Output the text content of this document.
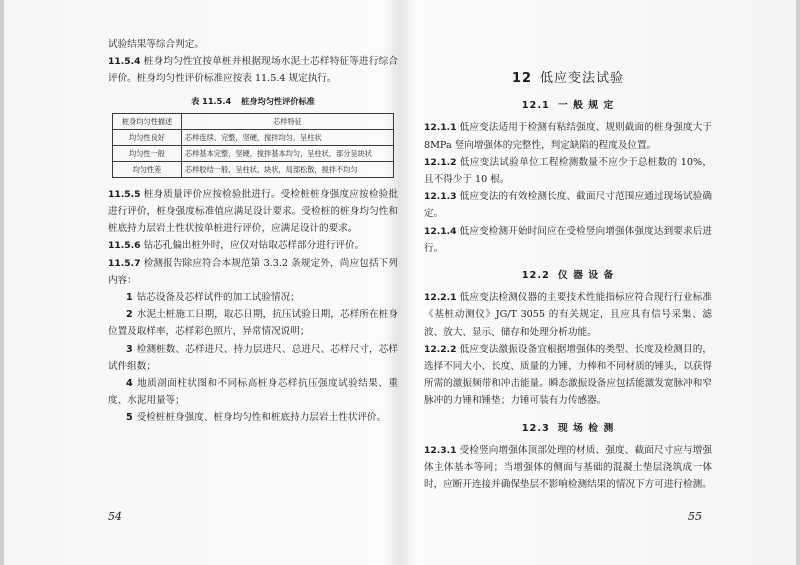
试验结果等综合判定。

11.5.4 桩身均匀性宜按单桩并根据现场水泥土芯样特征等进行综合评价。桩身均匀性评价标准应按表 11.5.4 规定执行。

表 11.5.4 桩身均匀性评价标准
桩身均匀性描述	芯样特征
均匀性良好	芯样连续、完整，坚硬，搅拌均匀，呈柱状
均匀性一般	芯样基本完整，坚硬，搅拌基本均匀，呈柱状，部分呈块状
均匀性差	芯样胶结一般，呈柱状、块状，局部松散，搅拌不均匀

11.5.5 桩身质量评价应按检验批进行。受检桩桩身强度应按检验批进行评价，桩身强度标准值应满足设计要求。受检桩的桩身均匀性和桩底持力层岩土性状按单桩进行评价，应满足设计的要求。

11.5.6 钻芯孔偏出桩外时，应仅对钻取芯样部分进行评价。

11.5.7 检测报告除应符合本规范第 3.3.2 条规定外，尚应包括下列内容：

1 钻芯设备及芯样试件的加工试验情况；

2 水泥土桩施工日期，取芯日期，抗压试验日期，芯样所在桩身位置及取样率，芯样彩色照片，异常情况说明；

3 检测桩数、芯样进尺、持力层进尺、总进尺、芯样尺寸，芯样试件组数；

4 地质剖面柱状图和不同标高桩身芯样抗压强度试验结果、重度、水泥用量等；

5 受检桩桩身强度、桩身均匀性和桩底持力层岩土性状评价。

54
12 低应变法试验
12.1 一 般 规 定

12.1.1 低应变法适用于检测有粘结强度、规则截面的桩身强度大于 8MPa 竖向增强体的完整性，判定缺陷的程度及位置。

12.1.2 低应变法试验单位工程检测数量不应少于总桩数的 10%，且不得少于 10 根。

12.1.3 低应变法的有效检测长度、截面尺寸范围应通过现场试验确定。

12.1.4 低应变检测开始时间应在受检竖向增强体强度达到要求后进行。

12.2 仪 器 设 备

12.2.1 低应变法检测仪器的主要技术性能指标应符合现行行业标准《基桩动测仪》JG/T 3055 的有关规定，且应具有信号采集、滤波、放大、显示、储存和处理分析功能。

12.2.2 低应变法激振设备宜根据增强体的类型、长度及检测目的，选择不同大小、长度、质量的力锤、力棒和不同材质的锤头，以获得所需的激振频带和冲击能量。瞬态激振设备应包括能激发宽脉冲和窄脉冲的力锤和锤垫；力锤可装有力传感器。

12.3 现 场 检 测

12.3.1 受检竖向增强体顶部处理的材质、强度、截面尺寸应与增强体主体基本等同；当增强体的侧面与基础的混凝土垫层浇筑成一体时，应断开连接并确保垫层不影响检测结果的情况下方可进行检测。

55
